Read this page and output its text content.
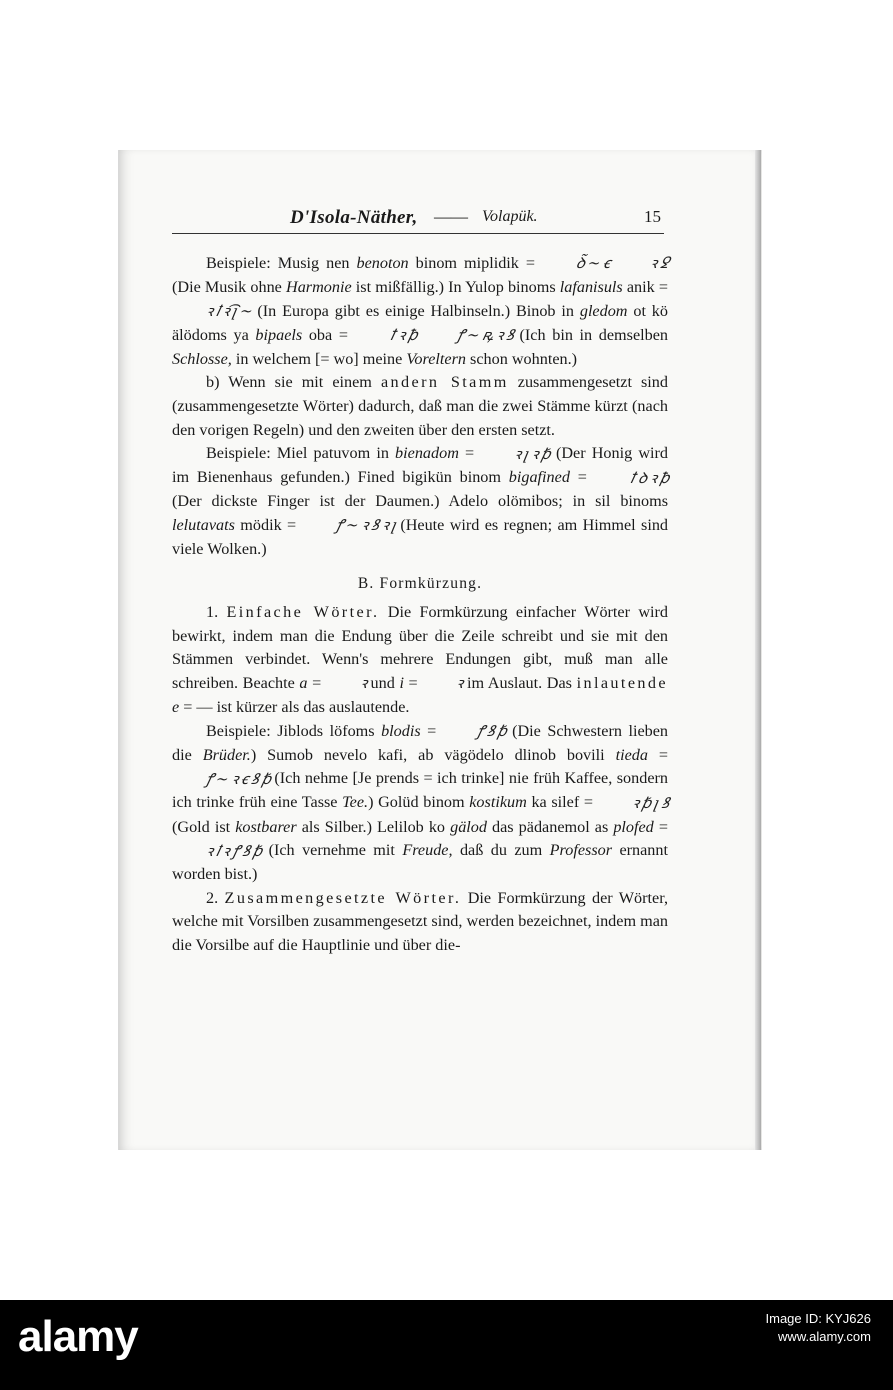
D'Isola-Näther, —— Volapük.	15

Beispiele: Musig nen benoton binom miplidik = ꝺ̃ ~ ꞓ ꝛ ꝿ (Die Musik ohne Harmonie ist mißfällig.) In Yulop binoms lafanisuls anik = ꝛ ꝉ ꝛ͡ ꞁ ~ (In Europa gibt es einige Halbinseln.) Binob in gledom ot kö älödoms ya bipaels oba = ꝉ ꝛ ꝥ ꝭ ~ ꝶ ꝛ ꝸ (Ich bin in demselben Schlosse, in welchem [= wo] meine Voreltern schon wohnten.)

b) Wenn sie mit einem andern Stamm zusammengesetzt sind (zusammengesetzte Wörter) dadurch, daß man die zwei Stämme kürzt (nach den vorigen Regeln) und den zweiten über den ersten setzt.

Beispiele: Miel patuvom in bienadom = ꝛ ꞁ ꝛ ꝥ (Der Honig wird im Bienenhaus gefunden.) Fined bigikün binom bigafined = ꝉ ꝺ ꝛ ꝥ (Der dickste Finger ist der Daumen.) Adelo olömibos; in sil binoms lelutavats mödik = ꝭ ~ ꝛ ꝸ ꝛ ꞁ (Heute wird es regnen; am Himmel sind viele Wolken.)

B. Formkürzung.

1. Einfache Wörter. Die Formkürzung einfacher Wörter wird bewirkt, indem man die Endung über die Zeile schreibt und sie mit den Stämmen verbindet. Wenn's mehrere Endungen gibt, muß man alle schreiben. Beachte a = ꝛ und i = ꝛ im Auslaut. Das inlautende e = — ist kürzer als das auslautende.

Beispiele: Jiblods löfoms blodis = ꝭ ꝸ ꝥ (Die Schwestern lieben die Brüder.) Sumob nevelo kafi, ab vägödelo dlinob bovili tieda = ꝭ ~ ꝛ ꞓ ꝸ ꝥ (Ich nehme [Je prends = ich trinke] nie früh Kaffee, sondern ich trinke früh eine Tasse Tee.) Golüd binom kostikum ka silef = ꝛ ꝥ ꞁ ꝸ (Gold ist kostbarer als Silber.) Lelilob ko gälod das pädanemol as plofed = ꝛ ꝉ ꝛ ꝭ ꝸ ꝥ (Ich vernehme mit Freude, daß du zum Professor ernannt worden bist.)

2. Zusammengesetzte Wörter. Die Formkürzung der Wörter, welche mit Vorsilben zusammengesetzt sind, werden bezeichnet, indem man die Vorsilbe auf die Hauptlinie und über die-

alamy	Image ID: KYJ626
www.alamy.com
